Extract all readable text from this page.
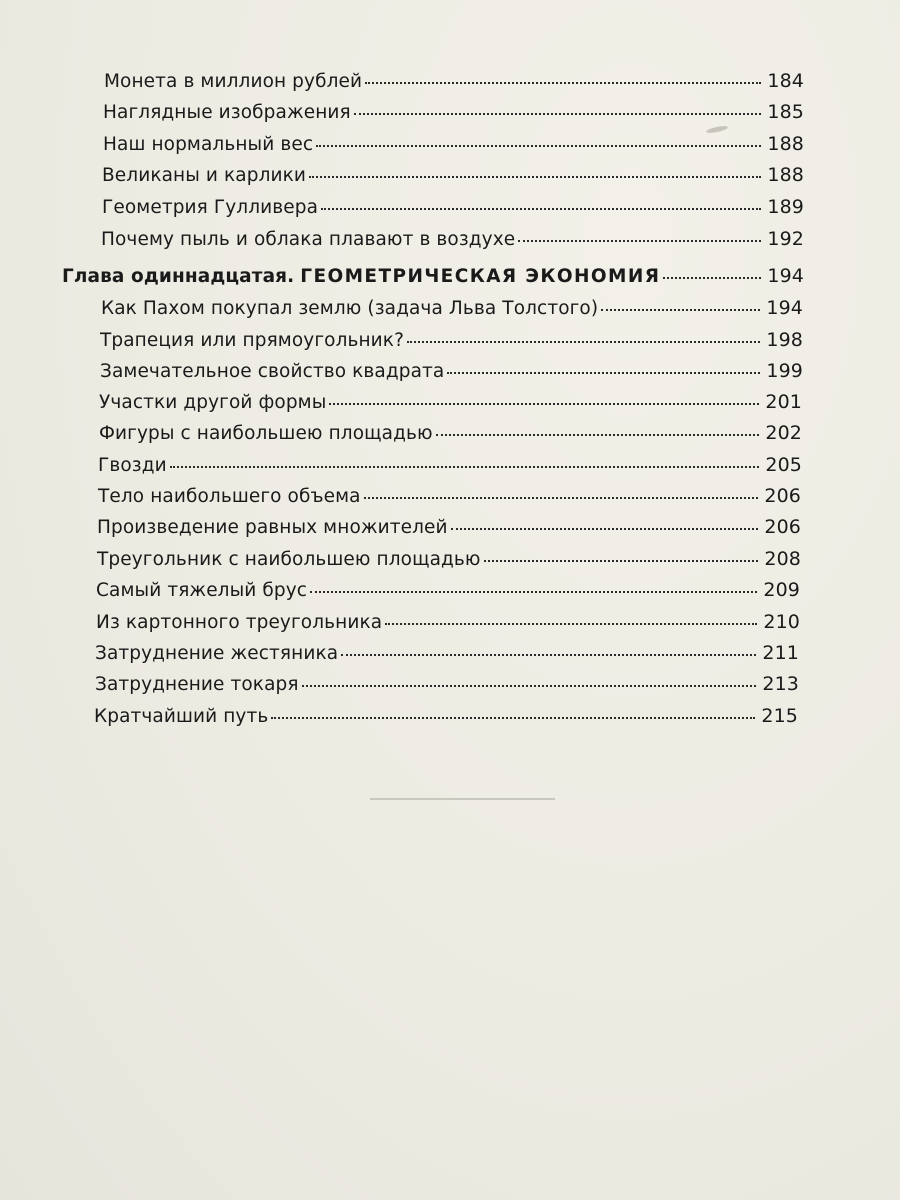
Монета в миллион рублей	184
Наглядные изображения	185
Наш нормальный вес	188
Великаны и карлики	188
Геометрия Гулливера	189
Почему пыль и облака плавают в воздухе	192
Глава одиннадцатая. ГЕОМЕТРИЧЕСКАЯ ЭКОНОМИЯ	194
Как Пахом покупал землю (задача Льва Толстого)	194
Трапеция или прямоугольник?	198
Замечательное свойство квадрата	199
Участки другой формы	201
Фигуры с наибольшею площадью	202
Гвозди	205
Тело наибольшего объема	206
Произведение равных множителей	206
Треугольник с наибольшею площадью	208
Самый тяжелый брус	209
Из картонного треугольника	210
Затруднение жестяника	211
Затруднение токаря	213
Кратчайший путь	215
